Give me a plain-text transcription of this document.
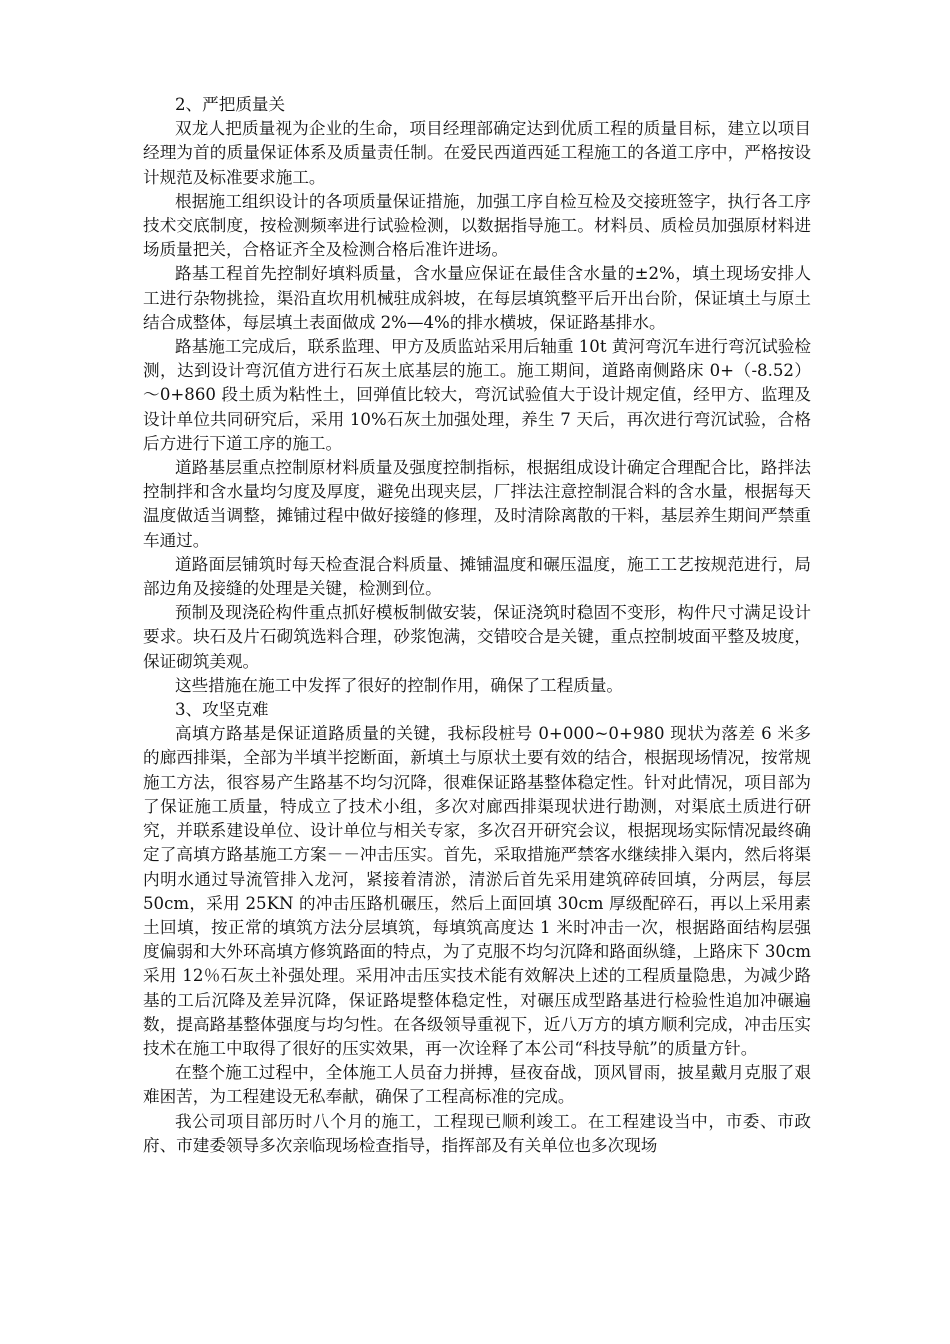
2、严把质量关

双龙人把质量视为企业的生命，项目经理部确定达到优质工程的质量目标，建立以项目经理为首的质量保证体系及质量责任制。在爱民西道西延工程施工的各道工序中，严格按设计规范及标准要求施工。

根据施工组织设计的各项质量保证措施，加强工序自检互检及交接班签字，执行各工序技术交底制度，按检测频率进行试验检测，以数据指导施工。材料员、质检员加强原材料进场质量把关，合格证齐全及检测合格后准许进场。

路基工程首先控制好填料质量，含水量应保证在最佳含水量的±2%，填土现场安排人工进行杂物挑捡，渠沿直坎用机械驻成斜坡，在每层填筑整平后开出台阶，保证填土与原土结合成整体，每层填土表面做成 2%—4%的排水横坡，保证路基排水。

路基施工完成后，联系监理、甲方及质监站采用后轴重 10t 黄河弯沉车进行弯沉试验检测，达到设计弯沉值方进行石灰土底基层的施工。施工期间，道路南侧路床 0+（-8.52）～0+860 段土质为粘性土，回弹值比较大，弯沉试验值大于设计规定值，经甲方、监理及设计单位共同研究后，采用 10%石灰土加强处理，养生 7 天后，再次进行弯沉试验，合格后方进行下道工序的施工。

道路基层重点控制原材料质量及强度控制指标，根据组成设计确定合理配合比，路拌法控制拌和含水量均匀度及厚度，避免出现夹层，厂拌法注意控制混合料的含水量，根据每天温度做适当调整，摊铺过程中做好接缝的修理，及时清除离散的干料，基层养生期间严禁重车通过。

道路面层铺筑时每天检查混合料质量、摊铺温度和碾压温度，施工工艺按规范进行，局部边角及接缝的处理是关键，检测到位。

预制及现浇砼构件重点抓好模板制做安装，保证浇筑时稳固不变形，构件尺寸满足设计要求。块石及片石砌筑选料合理，砂浆饱满，交错咬合是关键，重点控制坡面平整及坡度，保证砌筑美观。

这些措施在施工中发挥了很好的控制作用，确保了工程质量。

3、攻坚克难

高填方路基是保证道路质量的关键，我标段桩号 0+000~0+980 现状为落差 6 米多的廊西排渠，全部为半填半挖断面，新填土与原状土要有效的结合，根据现场情况，按常规施工方法，很容易产生路基不均匀沉降，很难保证路基整体稳定性。针对此情况，项目部为了保证施工质量，特成立了技术小组，多次对廊西排渠现状进行勘测，对渠底土质进行研究，并联系建设单位、设计单位与相关专家，多次召开研究会议，根据现场实际情况最终确定了高填方路基施工方案－－冲击压实。首先，采取措施严禁客水继续排入渠内，然后将渠内明水通过导流管排入龙河，紧接着清淤，清淤后首先采用建筑碎砖回填，分两层，每层 50cm，采用 25KN 的冲击压路机碾压，然后上面回填 30cm 厚级配碎石，再以上采用素土回填，按正常的填筑方法分层填筑，每填筑高度达 1 米时冲击一次，根据路面结构层强度偏弱和大外环高填方修筑路面的特点，为了克服不均匀沉降和路面纵缝，上路床下 30cm 采用 12％石灰土补强处理。采用冲击压实技术能有效解决上述的工程质量隐患，为减少路基的工后沉降及差异沉降，保证路堤整体稳定性，对碾压成型路基进行检验性追加冲碾遍数，提高路基整体强度与均匀性。在各级领导重视下，近八万方的填方顺利完成，冲击压实技术在施工中取得了很好的压实效果，再一次诠释了本公司“科技导航”的质量方针。

在整个施工过程中，全体施工人员奋力拼搏，昼夜奋战，顶风冒雨，披星戴月克服了艰难困苦，为工程建设无私奉献，确保了工程高标准的完成。

我公司项目部历时八个月的施工，工程现已顺利竣工。在工程建设当中，市委、市政府、市建委领导多次亲临现场检查指导，指挥部及有关单位也多次现场
